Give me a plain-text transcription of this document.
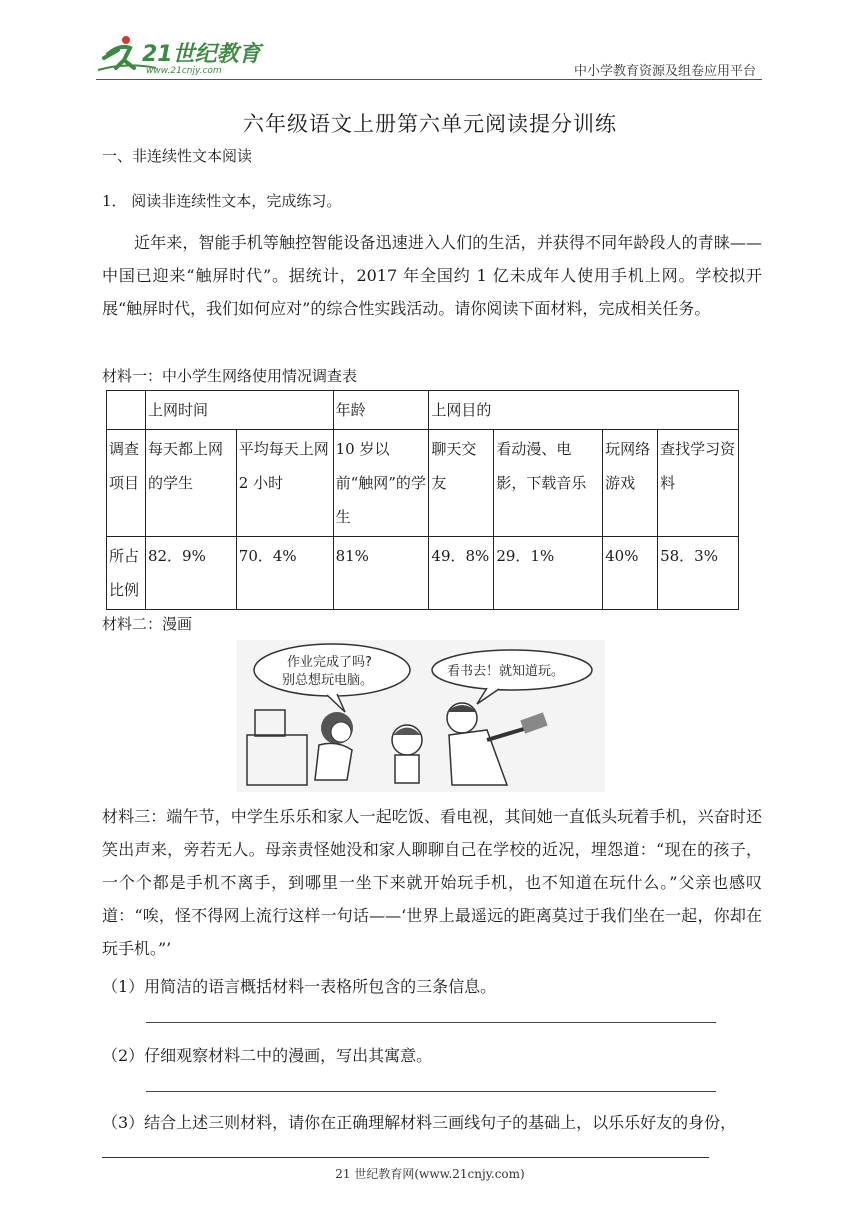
21世纪教育
www.21cnjy.com	中小学教育资源及组卷应用平台
六年级语文上册第六单元阅读提分训练
一、非连续性文本阅读
1． 阅读非连续性文本，完成练习。
近年来，智能手机等触控智能设备迅速进入人们的生活，并获得不同年龄段人的青睐——中国已迎来“触屏时代”。据统计，2017 年全国约 1 亿未成年人使用手机上网。学校拟开展“触屏时代，我们如何应对”的综合性实践活动。请你阅读下面材料，完成相关任务。
材料一：中小学生网络使用情况调查表
	上网时间		年龄	上网目的			
调查项目	每天都上网的学生	平均每天上网 2 小时	10 岁以前“触网”的学生	聊天交友	看动漫、电影，下载音乐	玩网络游戏	查找学习资料
所占比例	82．9%	70．4%	81%	49．8%	29．1%	40%	58．3%
材料二：漫画
作业完成了吗?
别总想玩电脑。
看书去！就知道玩。
材料三：端午节，中学生乐乐和家人一起吃饭、看电视，其间她一直低头玩着手机，兴奋时还笑出声来，旁若无人。母亲责怪她没和家人聊聊自己在学校的近况，埋怨道：“现在的孩子，一个个都是手机不离手，到哪里一坐下来就开始玩手机，也不知道在玩什么。”父亲也感叹道：“唉，怪不得网上流行这样一句话——‘世界上最遥远的距离莫过于我们坐在一起，你却在玩手机。”’
（1）用简洁的语言概括材料一表格所包含的三条信息。
（2）仔细观察材料二中的漫画，写出其寓意。
（3）结合上述三则材料，请你在正确理解材料三画线句子的基础上，以乐乐好友的身份，
21 世纪教育网(www.21cnjy.com)
